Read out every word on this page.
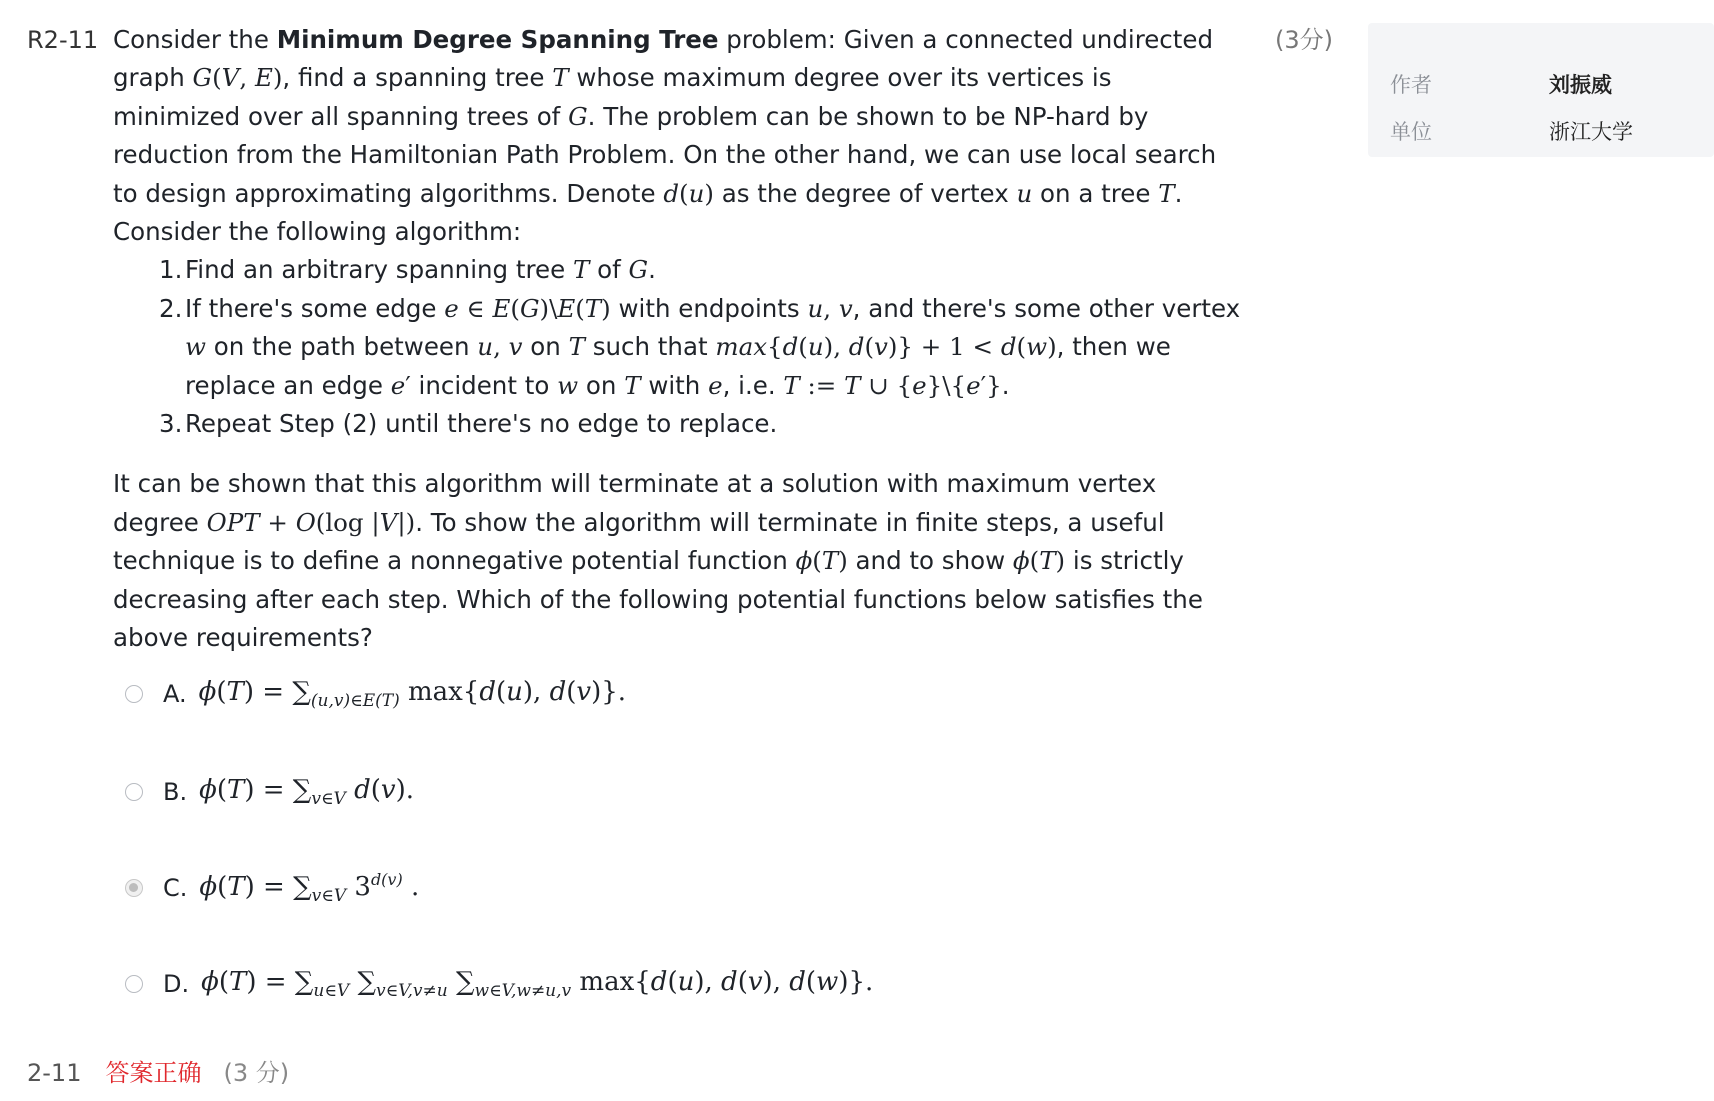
R2-11	(3分)

Consider the Minimum Degree Spanning Tree problem: Given a connected undirected graph G(V, E), find a spanning tree T whose maximum degree over its vertices is minimized over all spanning trees of G. The problem can be shown to be NP-hard by reduction from the Hamiltonian Path Problem. On the other hand, we can use local search to design approximating algorithms. Denote d(u) as the degree of vertex u on a tree T. Consider the following algorithm:

1. Find an arbitrary spanning tree T of G.
2. If there's some edge e ∈ E(G)\E(T) with endpoints u, v, and there's some other vertex w on the path between u, v on T such that max{d(u), d(v)} + 1 < d(w), then we replace an edge e′ incident to w on T with e, i.e. T := T ∪ {e}\{e′}.
3. Repeat Step (2) until there's no edge to replace.

It can be shown that this algorithm will terminate at a solution with maximum vertex degree OPT + O(log |V|). To show the algorithm will terminate in finite steps, a useful technique is to define a nonnegative potential function ϕ(T) and to show ϕ(T) is strictly decreasing after each step. Which of the following potential functions below satisfies the above requirements?

A. $\phi(T) = \sum_{(u,v)\in E(T)}$ max{d(u), d(v)}.
B. $\phi(T) = \sum_{v\in V}$ d(v).
C. $\phi(T) = \sum_{v\in V}$ $3^{d(v)}$ .
D. $\phi(T) = \sum_{u\in V}$ $\sum_{v\in V,v\ne u}$ $\sum_{w\in V,w\ne u,v}$ max{d(u), d(v), d(w)}.
2-11 答案正确 (3 分)
作者	刘振威
单位	浙江大学
